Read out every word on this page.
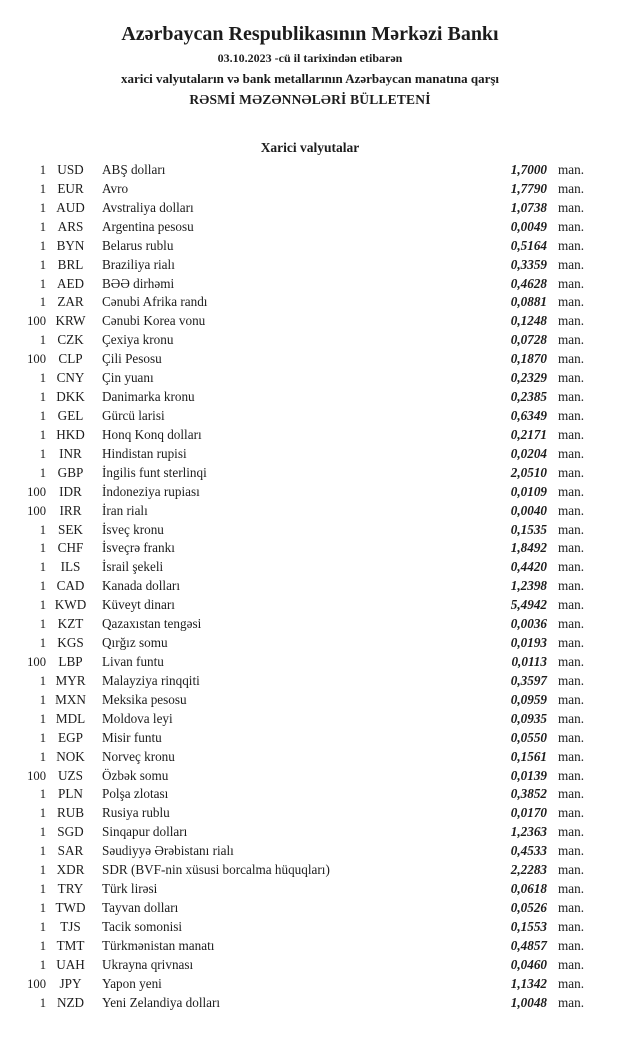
Azərbaycan Respublikasının Mərkəzi Bankı
03.10.2023 -cü il tarixindən etibarən
xarici valyutaların və bank metallarının Azərbaycan manatına qarşı
RƏSMİ MƏZƏNNƏLƏRİ BÜLLETENİ
Xarici valyutalar
1 USD	ABŞ dolları	1,7000 man.
1 EUR	Avro	1,7790 man.
1 AUD	Avstraliya dolları	1,0738 man.
1 ARS	Argentina pesosu	0,0049 man.
1 BYN	Belarus rublu	0,5164 man.
1 BRL	Braziliya rialı	0,3359 man.
1 AED	BƏƏ dirhəmi	0,4628 man.
1 ZAR	Cənubi Afrika randı	0,0881 man.
100 KRW	Cənubi Korea vonu	0,1248 man.
1 CZK	Çexiya kronu	0,0728 man.
100 CLP	Çili Pesosu	0,1870 man.
1 CNY	Çin yuanı	0,2329 man.
1 DKK	Danimarka kronu	0,2385 man.
1 GEL	Gürcü larisi	0,6349 man.
1 HKD	Honq Konq dolları	0,2171 man.
1 INR	Hindistan rupisi	0,0204 man.
1 GBP	İngilis funt sterlinqi	2,0510 man.
100 IDR	İndoneziya rupiası	0,0109 man.
100	IRR	İran rialı	0,0040 man.
1 SEK	İsveç kronu	0,1535 man.
1 CHF	İsveçrə frankı	1,8492 man.
1	ILS	İsrail şekeli	0,4420 man.
1 CAD	Kanada dolları	1,2398 man.
1 KWD	Küveyt dinarı	5,4942 man.
1 KZT	Qazaxıstan tengəsi	0,0036 man.
1 KGS	Qırğız somu	0,0193 man.
100 LBP	Livan funtu	0,0113 man.
1 MYR	Malayziya rinqqiti	0,3597 man.
1 MXN	Meksika pesosu	0,0959 man.
1 MDL	Moldova leyi	0,0935 man.
1 EGP	Misir funtu	0,0550 man.
1 NOK	Norveç kronu	0,1561 man.
100 UZS	Özbək somu	0,0139 man.
1 PLN	Polşa zlotası	0,3852 man.
1 RUB	Rusiya rublu	0,0170 man.
1 SGD	Sinqapur dolları	1,2363 man.
1 SAR	Səudiyyə Ərəbistanı rialı	0,4533 man.
1 XDR	SDR (BVF-nin xüsusi borcalma hüquqları)	2,2283 man.
1 TRY	Türk lirəsi	0,0618 man.
1 TWD	Tayvan dolları	0,0526 man.
1	TJS	Tacik somonisi	0,1553 man.
1 TMT	Türkmənistan manatı	0,4857 man.
1 UAH	Ukrayna qrivnası	0,0460 man.
100	JPY	Yapon yeni	1,1342 man.
1 NZD	Yeni Zelandiya dolları	1,0048 man.
